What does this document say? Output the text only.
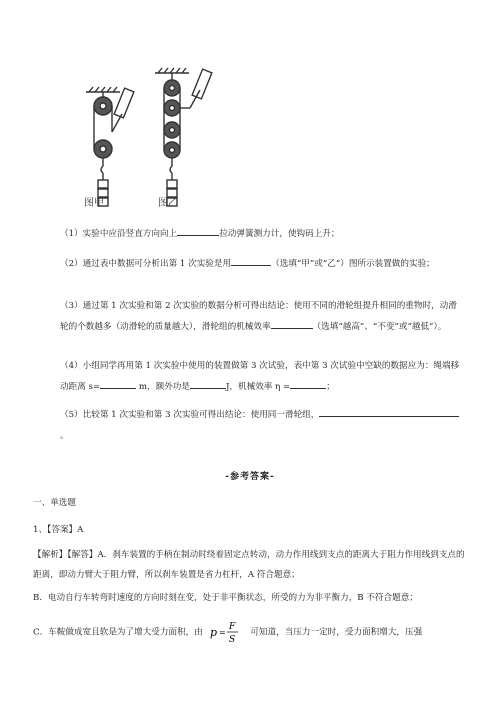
图甲	图乙

（1）实验中应沿竖直方向向上	拉动弹簧测力计，使钩码上升；

（2）通过表中数据可分析出第 1 次实验是用	（选填“甲”或“乙”）图所示装置做的实验；

（3）通过第 1 次实验和第 2 次实验的数据分析可得出结论：使用不同的滑轮组提升相同的重物时，动滑轮的个数越多（动滑轮的质量越大），滑轮组的机械效率	（选填“越高”、“不变”或“越低”）。

（4）小组同学再用第 1 次实验中使用的装置做第 3 次试验，表中第 3 次试验中空缺的数据应为：绳端移动距离 s=	m，额外功是	J，机械效率 η =	；

（5）比较第 1 次实验和第 3 次实验可得出结论：使用同一滑轮组，。

-参考答案-
一、单选题
1、【答案】A

【解析】【解答】A．刹车装置的手柄在制动时绕着固定点转动，动力作用线到支点的距离大于阻力作用线到支点的距离，即动力臂大于阻力臂，所以刹车装置是省力杠杆，A 符合题意；

B．电动自行车转弯时速度的方向时刻在变，处于非平衡状态，所受的力为非平衡力，B 不符合题意；

C．车鞍做成宽且软是为了增大受力面积，由 p =
F
S
可知道，当压力一定时，受力面积增大，压强
